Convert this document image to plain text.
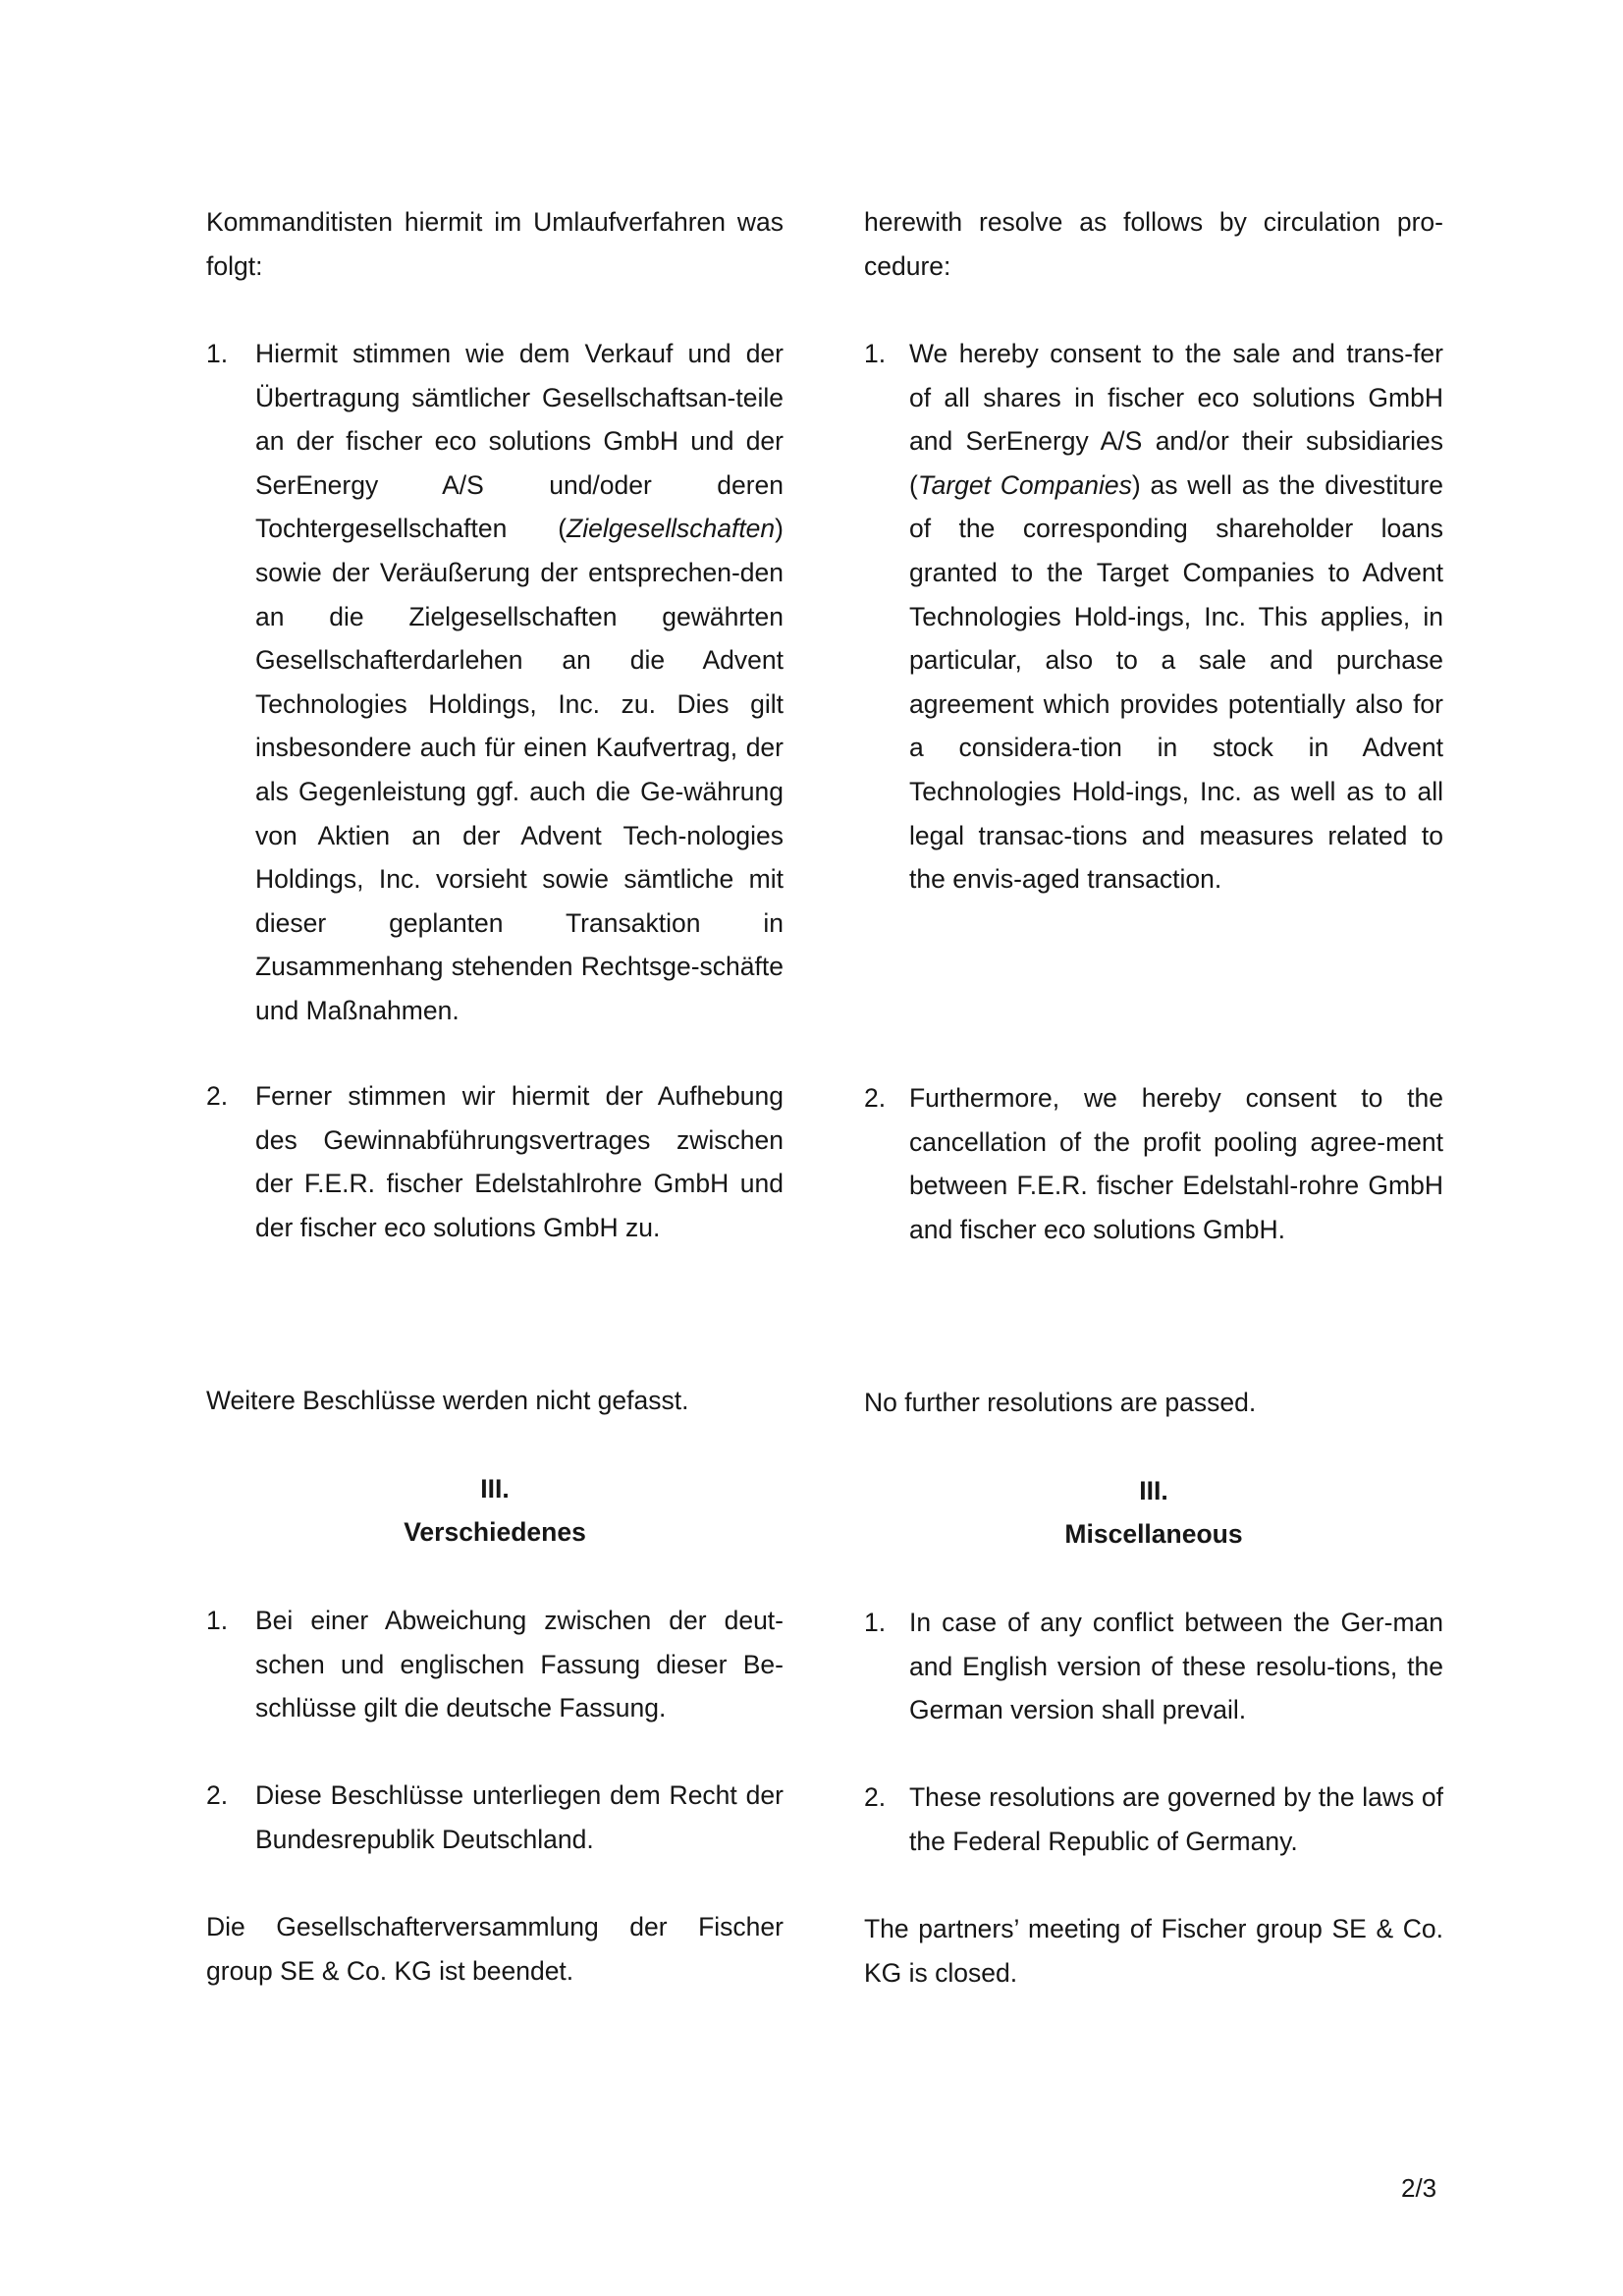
Kommanditisten hiermit im Umlaufverfahren was folgt:
herewith resolve as follows by circulation pro-cedure:
1. Hiermit stimmen wie dem Verkauf und der Übertragung sämtlicher Gesellschaftsan-teile an der fischer eco solutions GmbH und der SerEnergy A/S und/oder deren Tochtergesellschaften (Zielgesellschaften) sowie der Veräußerung der entsprechen-den an die Zielgesellschaften gewährten Gesellschafterdarlehen an die Advent Technologies Holdings, Inc. zu. Dies gilt insbesondere auch für einen Kaufvertrag, der als Gegenleistung ggf. auch die Ge-währung von Aktien an der Advent Tech-nologies Holdings, Inc. vorsieht sowie sämtliche mit dieser geplanten Transaktion in Zusammenhang stehenden Rechtsge-schäfte und Maßnahmen.
1. We hereby consent to the sale and trans-fer of all shares in fischer eco solutions GmbH and SerEnergy A/S and/or their subsidiaries (Target Companies) as well as the divestiture of the corresponding shareholder loans granted to the Target Companies to Advent Technologies Hold-ings, Inc. This applies, in particular, also to a sale and purchase agreement which provides potentially also for a considera-tion in stock in Advent Technologies Hold-ings, Inc. as well as to all legal transac-tions and measures related to the envis-aged transaction.
2. Ferner stimmen wir hiermit der Aufhebung des Gewinnabführungsvertrages zwischen der F.E.R. fischer Edelstahlrohre GmbH und der fischer eco solutions GmbH zu.
2. Furthermore, we hereby consent to the cancellation of the profit pooling agree-ment between F.E.R. fischer Edelstahl-rohre GmbH and fischer eco solutions GmbH.
Weitere Beschlüsse werden nicht gefasst.	No further resolutions are passed.
III.
Verschiedenes
III.
Miscellaneous
1. Bei einer Abweichung zwischen der deut-schen und englischen Fassung dieser Be-schlüsse gilt die deutsche Fassung.
1. In case of any conflict between the Ger-man and English version of these resolu-tions, the German version shall prevail.
2. Diese Beschlüsse unterliegen dem Recht der Bundesrepublik Deutschland.
2. These resolutions are governed by the laws of the Federal Republic of Germany.
Die Gesellschafterversammlung der Fischer group SE & Co. KG ist beendet.
The partners’ meeting of Fischer group SE & Co. KG is closed.
2/3
